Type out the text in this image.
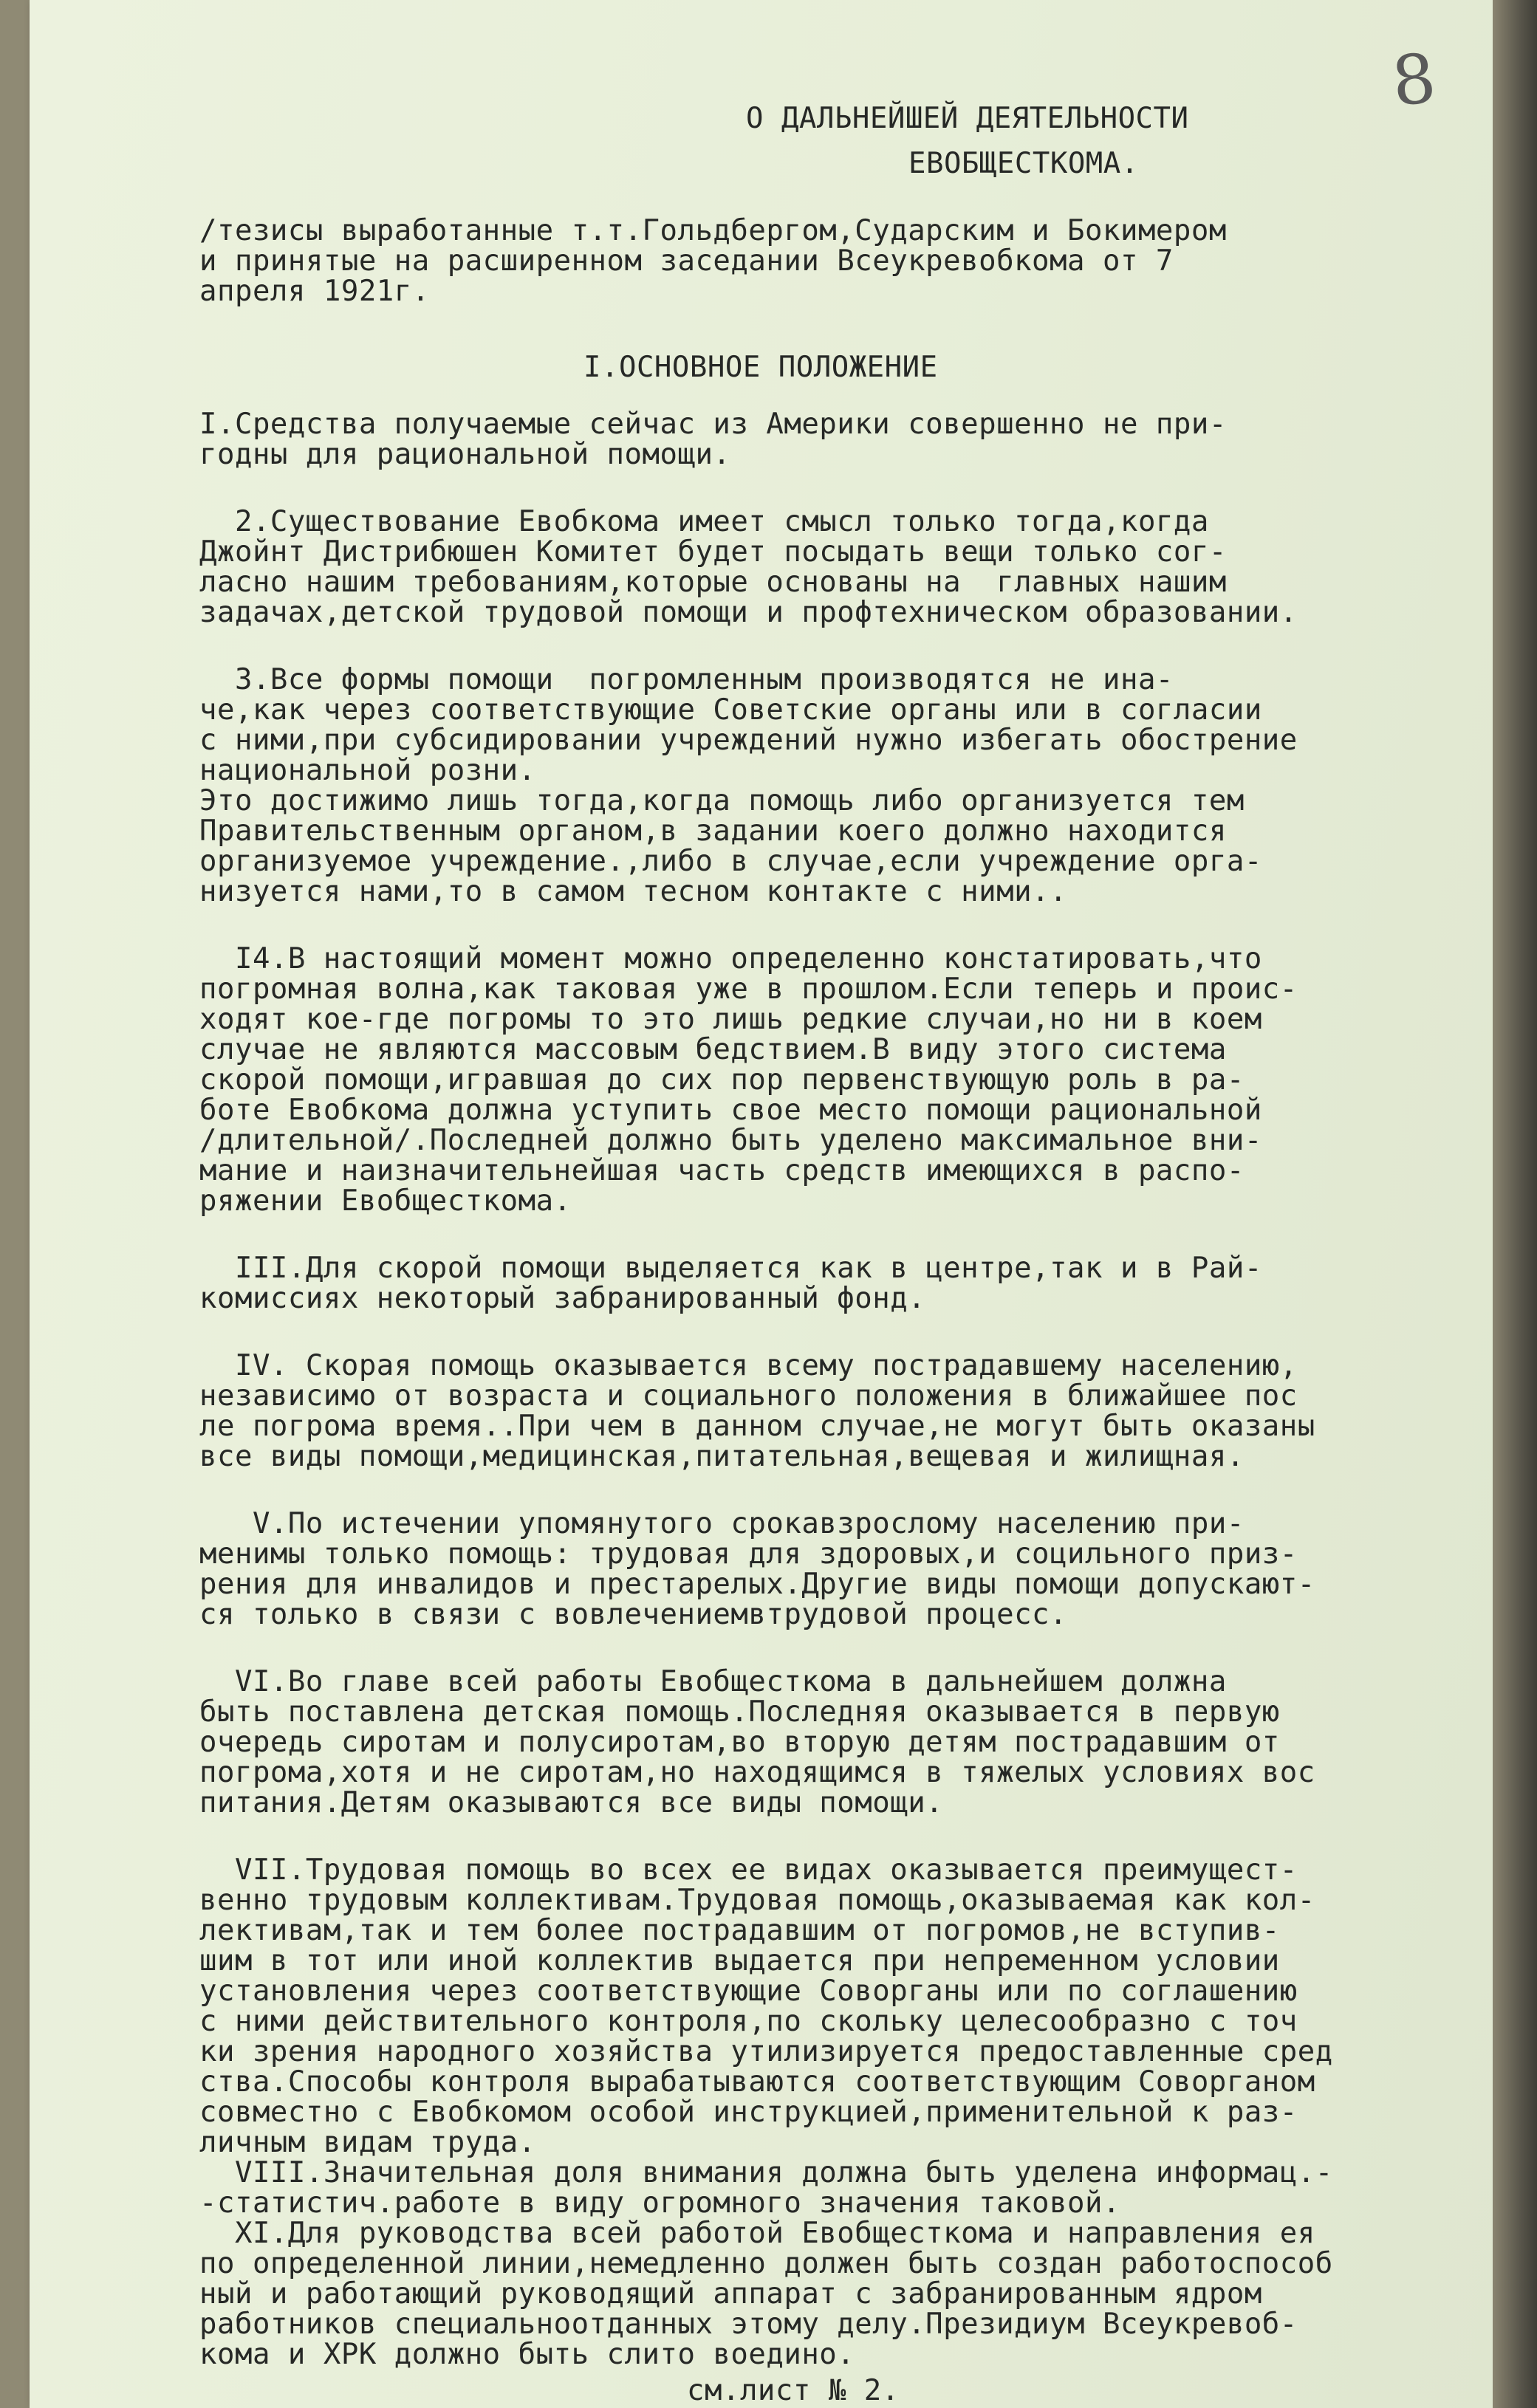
8
О ДАЛЬНЕЙШЕЙ ДЕЯТЕЛЬНОСТИ
ЕВОБЩЕСТКОМА.
/тезисы выработанные т.т.Гольдбергом,Сударским и Бокимером
и принятые на расширенном заседании Всеукревобкома от 7
апреля 1921г.
I.ОСНОВНОЕ ПОЛОЖЕНИЕ
I.Средства получаемые сейчас из Америки совершенно не при-
годны для рациональной помощи.
2.Существование Евобкома имеет смысл только тогда,когда
Джойнт Дистрибюшен Комитет будет посыдать вещи только сог-
ласно нашим требованиям,которые основаны на  главных нашим
задачах,детской трудовой помощи и профтехническом образовании.
3.Все формы помощи  погромленным производятся не ина-
че,как через соответствующие Советские органы или в согласии
с ними,при субсидировании учреждений нужно избегать обострение
национальной розни.
Это достижимо лишь тогда,когда помощь либо организуется тем
Правительственным органом,в задании коего должно находится
организуемое учреждение.,либо в случае,если учреждение орга-
низуется нами,то в самом тесном контакте с ними..
I4.В настоящий момент можно определенно констатировать,что
погромная волна,как таковая уже в прошлом.Если теперь и проис-
ходят кое-где погромы то это лишь редкие случаи,но ни в коем
случае не являются массовым бедствием.В виду этого система
скорой помощи,игравшая до сих пор первенствующую роль в ра-
боте Евобкома должна уступить свое место помощи рациональной
/длительной/.Последней должно быть уделено максимальное вни-
мание и наизначительнейшая часть средств имеющихся в распо-
ряжении Евобщесткома.
III.Для скорой помощи выделяется как в центре,так и в Рай-
комиссиях некоторый забранированный фонд.
IV. Скорая помощь оказывается всему пострадавшему населению,
независимо от возраста и социального положения в ближайшее пос
ле погрома время..При чем в данном случае,не могут быть оказаны
все виды помощи,медицинская,питательная,вещевая и жилищная.
V.По истечении упомянутого срокавзрослому населению при-
менимы только помощь: трудовая для здоровых,и социльного приз-
рения для инвалидов и престарелых.Другие виды помощи допускают-
ся только в связи с вовлечениемвтрудовой процесс.
VI.Во главе всей работы Евобщесткома в дальнейшем должна
быть поставлена детская помощь.Последняя оказывается в первую
очередь сиротам и полусиротам,во вторую детям пострадавшим от
погрома,хотя и не сиротам,но находящимся в тяжелых условиях вос
питания.Детям оказываются все виды помощи.
VII.Трудовая помощь во всех ее видах оказывается преимущест-
венно трудовым коллективам.Трудовая помощь,оказываемая как кол-
лективам,так и тем более пострадавшим от погромов,не вступив-
шим в тот или иной коллектив выдается при непременном условии
установления через соответствующие Соворганы или по соглашению
с ними действительного контроля,по скольку целесообразно с точ
ки зрения народного хозяйства утилизируется предоставленные сред
ства.Способы контроля вырабатываются соответствующим Соворганом
совместно с Евобкомом особой инструкцией,применительной к раз-
личным видам труда.
VIII.Значительная доля внимания должна быть уделена информац.-
-статистич.работе в виду огромного значения таковой.
XI.Для руководства всей работой Евобщесткома и направления ея
по определенной линии,немедленно должен быть создан работоспособ
ный и работающий руководящий аппарат с забранированным ядром
работников специальноотданных этому делу.Президиум Всеукревоб-
кома и ХРК должно быть слито воедино.
см.лист № 2.
